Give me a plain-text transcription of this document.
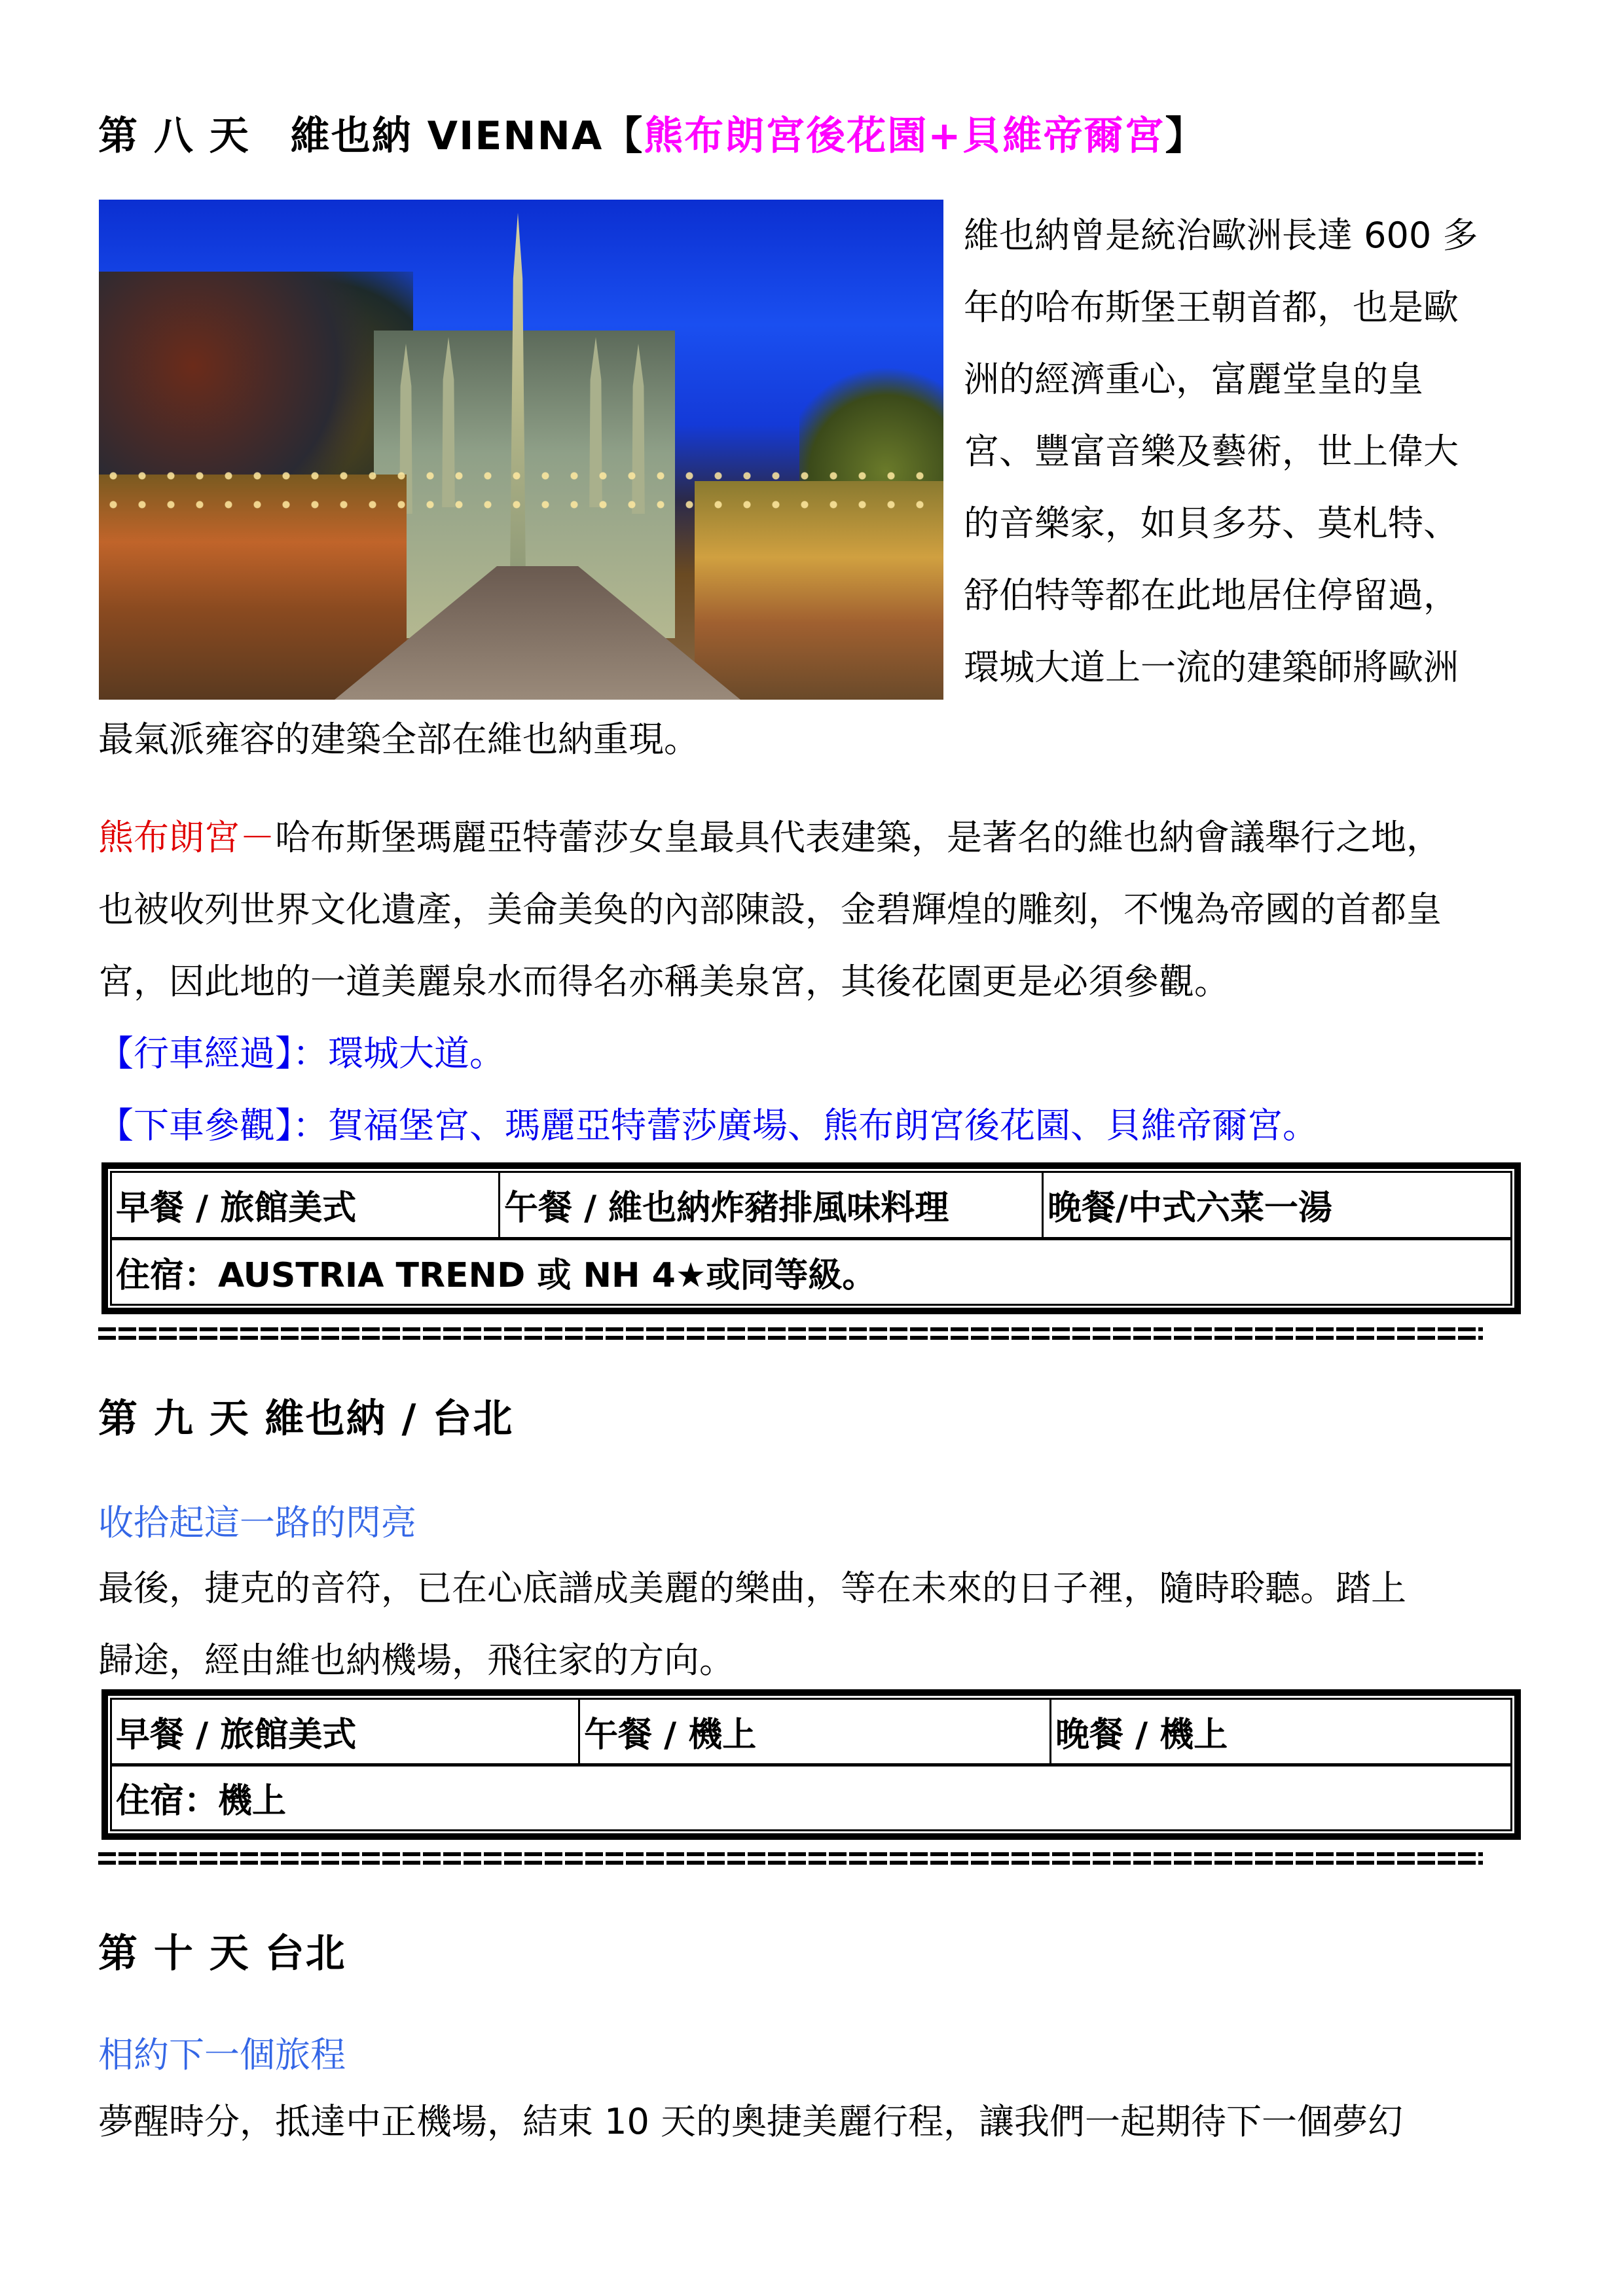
第 八 天　維也納 VIENNA【熊布朗宮後花園+貝維帝爾宮】
維也納曾是統治歐洲長達 600 多
年的哈布斯堡王朝首都，也是歐
洲的經濟重心，富麗堂皇的皇
宮、豐富音樂及藝術，世上偉大
的音樂家，如貝多芬、莫札特、
舒伯特等都在此地居住停留過，
環城大道上一流的建築師將歐洲
最氣派雍容的建築全部在維也納重現。
熊布朗宮－哈布斯堡瑪麗亞特蕾莎女皇最具代表建築，是著名的維也納會議舉行之地，
也被收列世界文化遺產，美侖美奐的內部陳設，金碧輝煌的雕刻，不愧為帝國的首都皇
宮，因此地的一道美麗泉水而得名亦稱美泉宮，其後花園更是必須參觀。
【行車經過】：環城大道。
【下車參觀】：賀福堡宮、瑪麗亞特蕾莎廣場、熊布朗宮後花園、貝維帝爾宮。
早餐 / 旅館美式	午餐 / 維也納炸豬排風味料理	晚餐/中式六菜一湯
住宿：AUSTRIA TREND 或 NH 4★或同等級。
第 九 天 維也納 / 台北
收拾起這一路的閃亮
最後，捷克的音符，已在心底譜成美麗的樂曲，等在未來的日子裡，隨時聆聽。踏上
歸途，經由維也納機場，飛往家的方向。
早餐 / 旅館美式	午餐 / 機上	晚餐 / 機上
住宿：機上
第 十 天 台北
相約下一個旅程
夢醒時分，抵達中正機場，結束 10 天的奧捷美麗行程，讓我們一起期待下一個夢幻
